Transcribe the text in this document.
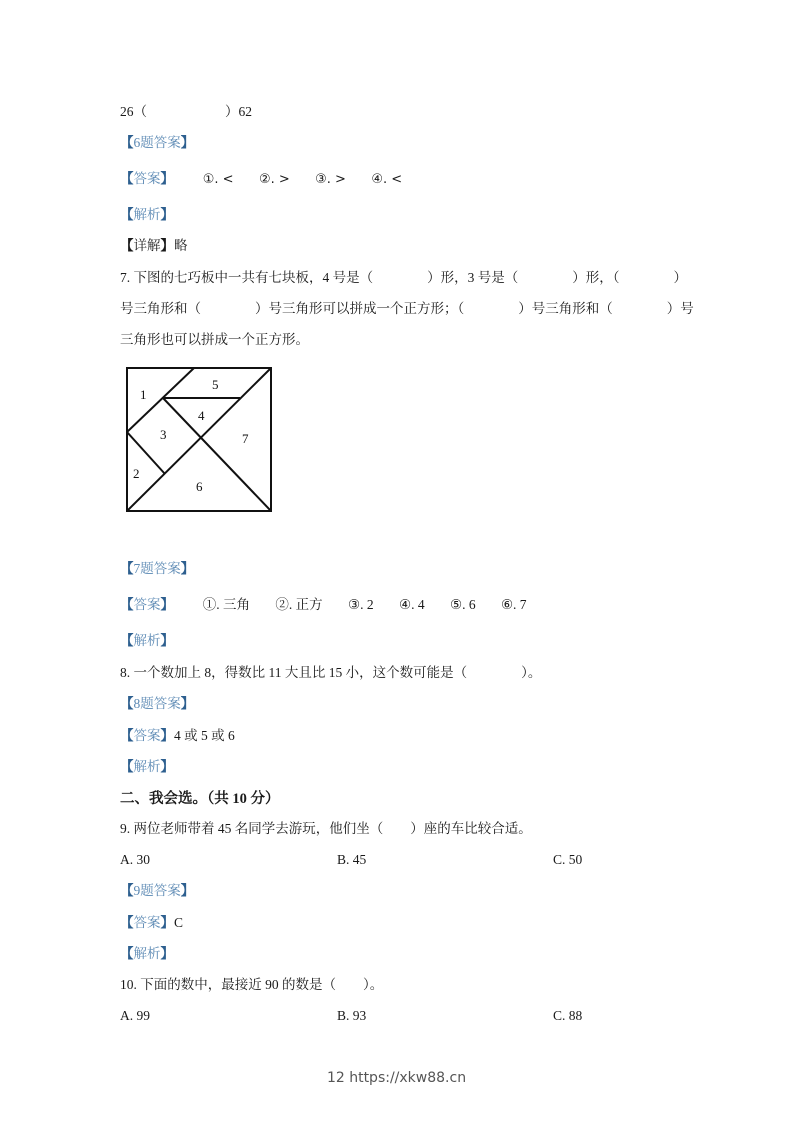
26（	）62
【6题答案】
【答案】 ①. < ②. > ③. > ④. <
【解析】
【详解】略
7. 下图的七巧板中一共有七块板，4 号是（　　　　）形，3 号是（　　　　）形，（　　　　）
号三角形和（　　　　）号三角形可以拼成一个正方形；（　　　　）号三角形和（　　　　）号
三角形也可以拼成一个正方形。
1
2
3
4
5
6
7
【7题答案】
【答案】 ①. 三角 ②. 正方 ③. 2 ④. 4 ⑤. 6 ⑥. 7
【解析】
8. 一个数加上 8，得数比 11 大且比 15 小，这个数可能是（　　　　）。
【8题答案】
【答案】4 或 5 或 6
【解析】
二、我会选。（共 10 分）
9. 两位老师带着 45 名同学去游玩，他们坐（　　）座的车比较合适。
A. 30	B. 45	C. 50
【9题答案】
【答案】C
【解析】
10. 下面的数中，最接近 90 的数是（　　）。
A. 99	B. 93	C. 88
12 https://xkw88.cn
